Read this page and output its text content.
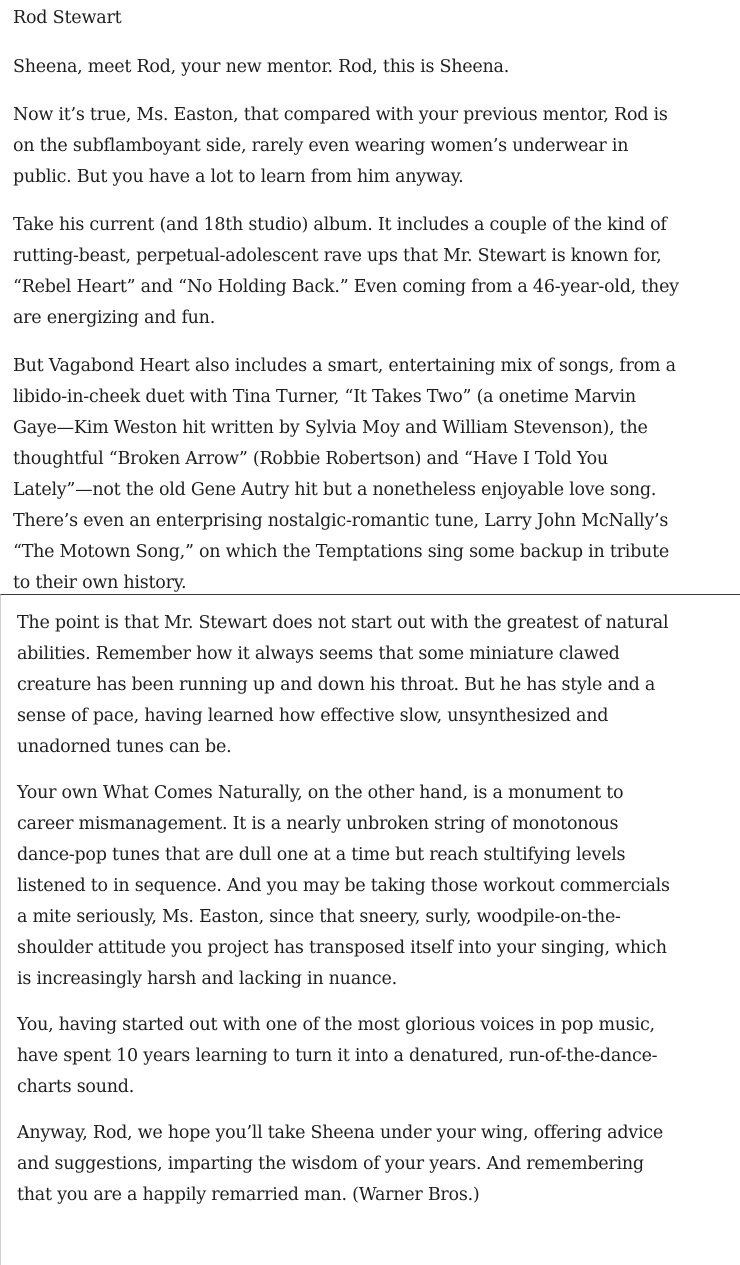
Rod Stewart

Sheena, meet Rod, your new mentor. Rod, this is Sheena.

Now it’s true, Ms. Easton, that compared with your previous mentor, Rod is
on the subflamboyant side, rarely even wearing women’s underwear in
public. But you have a lot to learn from him anyway.

Take his current (and 18th studio) album. It includes a couple of the kind of
rutting-beast, perpetual-adolescent rave ups that Mr. Stewart is known for,
“Rebel Heart” and “No Holding Back.” Even coming from a 46-year-old, they
are energizing and fun.

But Vagabond Heart also includes a smart, entertaining mix of songs, from a
libido-in-cheek duet with Tina Turner, “It Takes Two” (a onetime Marvin
Gaye—Kim Weston hit written by Sylvia Moy and William Stevenson), the
thoughtful “Broken Arrow” (Robbie Robertson) and “Have I Told You
Lately”—not the old Gene Autry hit but a nonetheless enjoyable love song.
There’s even an enterprising nostalgic-romantic tune, Larry John McNally’s
“The Motown Song,” on which the Temptations sing some backup in tribute
to their own history.

The point is that Mr. Stewart does not start out with the greatest of natural
abilities. Remember how it always seems that some miniature clawed
creature has been running up and down his throat. But he has style and a
sense of pace, having learned how effective slow, unsynthesized and
unadorned tunes can be.

Your own What Comes Naturally, on the other hand, is a monument to
career mismanagement. It is a nearly unbroken string of monotonous
dance-pop tunes that are dull one at a time but reach stultifying levels
listened to in sequence. And you may be taking those workout commercials
a mite seriously, Ms. Easton, since that sneery, surly, woodpile-on-the-
shoulder attitude you project has transposed itself into your singing, which
is increasingly harsh and lacking in nuance.

You, having started out with one of the most glorious voices in pop music,
have spent 10 years learning to turn it into a denatured, run-of-the-dance-
charts sound.

Anyway, Rod, we hope you’ll take Sheena under your wing, offering advice
and suggestions, imparting the wisdom of your years. And remembering
that you are a happily remarried man. (Warner Bros.)
